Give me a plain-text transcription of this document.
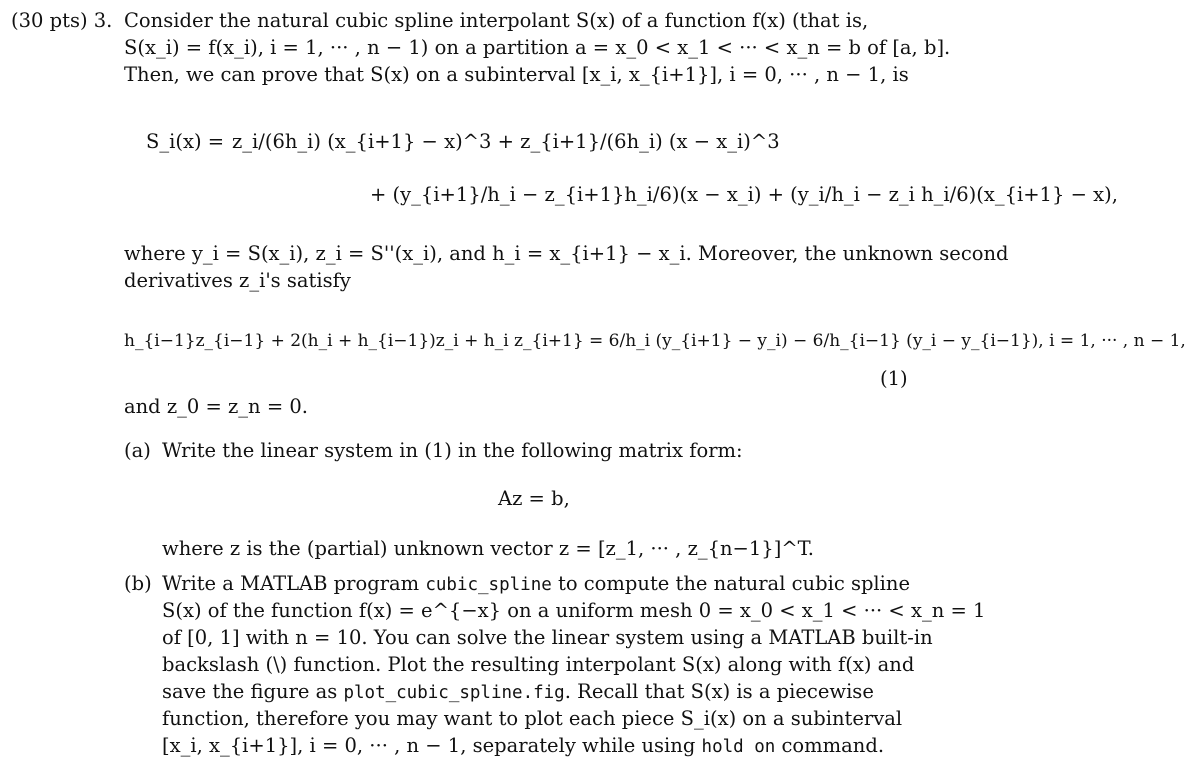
(30 pts) 3. Consider the natural cubic spline interpolant S(x) of a function f(x) (that is,
S(x_i) = f(x_i), i = 1, ··· , n − 1) on a partition a = x_0 < x_1 < ··· < x_n = b of [a, b].
Then, we can prove that S(x) on a subinterval [x_i, x_{i+1}], i = 0, ··· , n − 1, is
S_i(x) = z_i/(6h_i) (x_{i+1} − x)^3 + z_{i+1}/(6h_i) (x − x_i)^3
+ (y_{i+1}/h_i − z_{i+1}h_i/6)(x − x_i) + (y_i/h_i − z_i h_i/6)(x_{i+1} − x),
where y_i = S(x_i), z_i = S''(x_i), and h_i = x_{i+1} − x_i. Moreover, the unknown second
derivatives z_i's satisfy
h_{i−1}z_{i−1} + 2(h_i + h_{i−1})z_i + h_i z_{i+1} = 6/h_i (y_{i+1} − y_i) − 6/h_{i−1} (y_i − y_{i−1}), i = 1, ··· , n − 1,
(1)
and z_0 = z_n = 0.
(a) Write the linear system in (1) in the following matrix form:
Az = b,
where z is the (partial) unknown vector z = [z_1, ··· , z_{n−1}]^T.
(b) Write a MATLAB program cubic_spline to compute the natural cubic spline
S(x) of the function f(x) = e^{−x} on a uniform mesh 0 = x_0 < x_1 < ··· < x_n = 1
of [0, 1] with n = 10. You can solve the linear system using a MATLAB built-in
backslash (\) function. Plot the resulting interpolant S(x) along with f(x) and
save the figure as plot_cubic_spline.fig. Recall that S(x) is a piecewise
function, therefore you may want to plot each piece S_i(x) on a subinterval
[x_i, x_{i+1}], i = 0, ··· , n − 1, separately while using hold on command.
